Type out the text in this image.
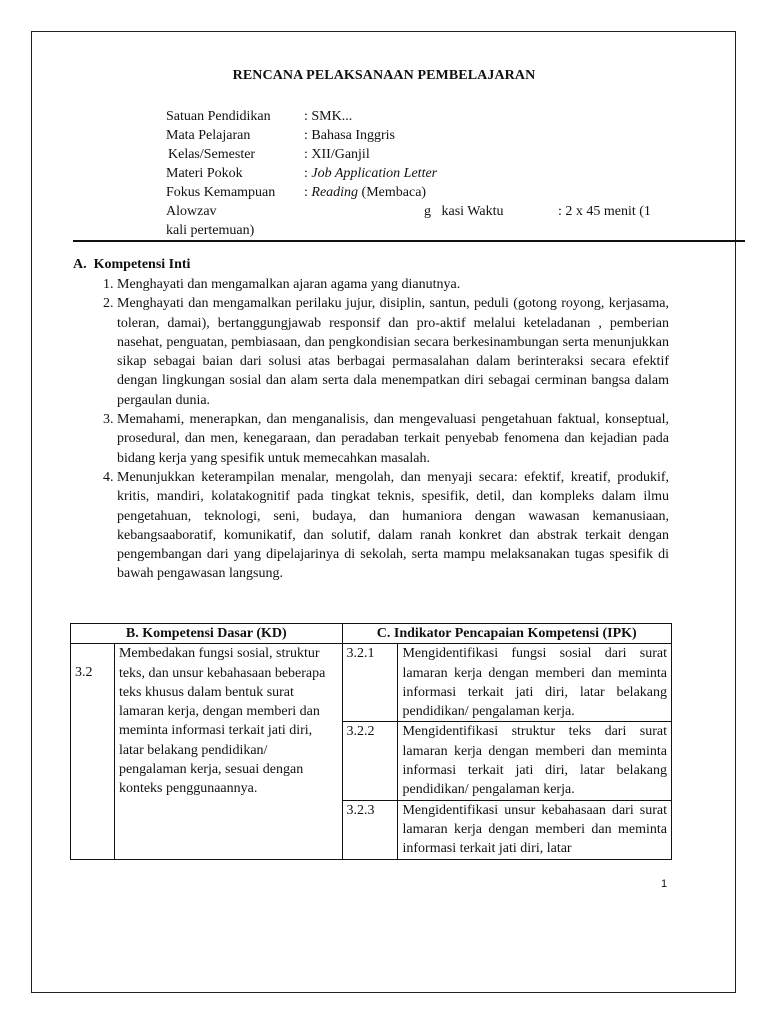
RENCANA PELAKSANAAN PEMBELAJARAN
Satuan Pendidikan : SMK...
Mata Pelajaran	: Bahasa Inggris
Kelas/Semester	: XII/Ganjil
Materi Pokok	: Job Application Letter
Fokus Kemampuan : Reading (Membaca)
Alowzav	g   kasi Waktu	: 2 x 45 menit (1
kali pertemuan)
A.  Kompetensi Inti
1. Menghayati dan mengamalkan ajaran agama yang dianutnya.
2. Menghayati dan mengamalkan perilaku jujur, disiplin, santun, peduli (gotong royong, kerjasama, toleran, damai), bertanggungjawab responsif dan pro-aktif melalui keteladanan , pemberian nasehat, penguatan, pembiasaan, dan pengkondisian secara berkesinambungan serta menunjukkan sikap sebagai baian dari solusi atas berbagai permasalahan dalam berinteraksi secara efektif dengan lingkungan sosial dan alam serta dala menempatkan diri sebagai cerminan bangsa dalam pergaulan dunia.
3. Memahami, menerapkan, dan menganalisis, dan mengevaluasi pengetahuan faktual, konseptual, prosedural, dan men, kenegaraan, dan peradaban terkait penyebab fenomena dan kejadian pada bidang kerja yang spesifik untuk memecahkan masalah.
4. Menunjukkan keterampilan menalar, mengolah, dan menyaji secara: efektif, kreatif, produkif, kritis, mandiri, kolatakognitif pada tingkat teknis, spesifik, detil, dan kompleks dalam ilmu pengetahuan, teknologi, seni, budaya, dan humaniora dengan wawasan kemanusiaan, kebangsaaboratif, komunikatif, dan solutif, dalam ranah konkret dan abstrak terkait dengan pengembangan dari yang dipelajarinya di sekolah, serta mampu melaksanakan tugas spesifik di bawah pengawasan langsung.
B. Kompetensi Dasar (KD)		C. Indikator Pencapaian Kompetensi (IPK)	
3.2	Membedakan fungsi sosial, struktur teks, dan unsur kebahasaan beberapa teks khusus dalam bentuk surat lamaran kerja, dengan memberi dan meminta informasi terkait jati diri, latar belakang pendidikan/ pengalaman kerja, sesuai dengan konteks penggunaannya.	3.2.1	Mengidentifikasi fungsi sosial dari surat lamaran kerja dengan memberi dan meminta informasi terkait jati diri, latar belakang pendidikan/ pengalaman kerja.
		3.2.2	Mengidentifikasi struktur teks dari surat lamaran kerja dengan memberi dan meminta informasi terkait jati diri, latar belakang pendidikan/ pengalaman kerja.
		3.2.3	Mengidentifikasi unsur kebahasaan dari surat lamaran kerja dengan memberi dan meminta informasi terkait jati diri, latar
1
